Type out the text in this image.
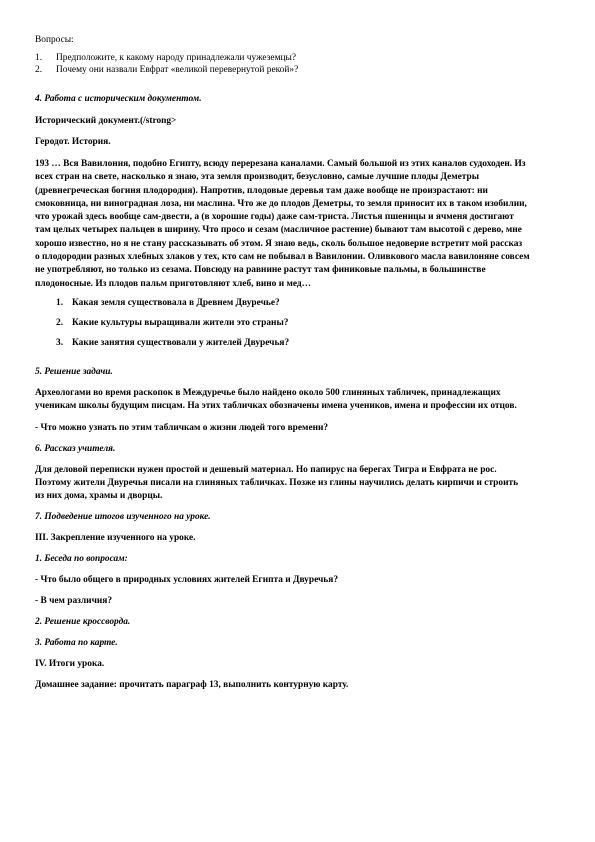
Вопросы:

1. Предположите, к какому народу принадлежали чужеземцы?
2. Почему они назвали Евфрат «великой перевернутой рекой»?

4. Работа с историческим документом.

Исторический документ.(/strong>

Геродот. История.

193 … Вся Вавилония, подобно Египту, всюду перерезана каналами. Самый большой из этих каналов судоходен. Из

всех стран на свете, насколько я знаю, эта земля производит, безусловно, самые лучшие плоды Деметры

(древнегреческая богиня плодородия). Напротив, плодовые деревья там даже вообще не произрастают: ни

смоковница, ни виноградная лоза, ни маслина. Что же до плодов Деметры, то земля приносит их в таком изобилии,

что урожай здесь вообще сам-двести, а (в хорошие годы) даже сам-триста. Листья пшеницы и ячменя достигают

там целых четырех пальцев в ширину. Что просо и сезам (масличное растение) бывают там высотой с дерево, мне

хорошо известно, но я не стану рассказывать об этом. Я знаю ведь, сколь большое недоверие встретит мой рассказ

о плодородии разных хлебных злаков у тех, кто сам не побывал в Вавилонии. Оливкового масла вавилоняне совсем

не употребляют, но только из сезама. Повсюду на равнине растут там финиковые пальмы, в большинстве

плодоносные. Из плодов пальм приготовляют хлеб, вино и мед…

1. Какая земля существовала в Древнем Двуречье?
2. Какие культуры выращивали жители это страны?
3. Какие занятия существовали у жителей Двуречья?

5. Решение задачи.

Археологами во время раскопок в Междуречье было найдено около 500 глиняных табличек, принадлежащих

ученикам школы будущим писцам. На этих табличках обозначены имена учеников, имена и профессии их отцов.

- Что можно узнать по этим табличкам о жизни людей того времени?

6. Рассказ учителя.

Для деловой переписки нужен простой и дешевый материал. Но папирус на берегах Тигра и Евфрата не рос.

Поэтому жители Двуречья писали на глиняных табличках. Позже из глины научились делать кирпичи и строить

из них дома, храмы и дворцы.

7. Подведение итогов изученного на уроке.

III. Закрепление изученного на уроке.

1. Беседа по вопросам:

- Что было общего в природных условиях жителей Египта и Двуречья?

- В чем различия?

2. Решение кроссворда.

3. Работа по карте.

IV. Итоги урока.

Домашнее задание: прочитать параграф 13, выполнить контурную карту.
